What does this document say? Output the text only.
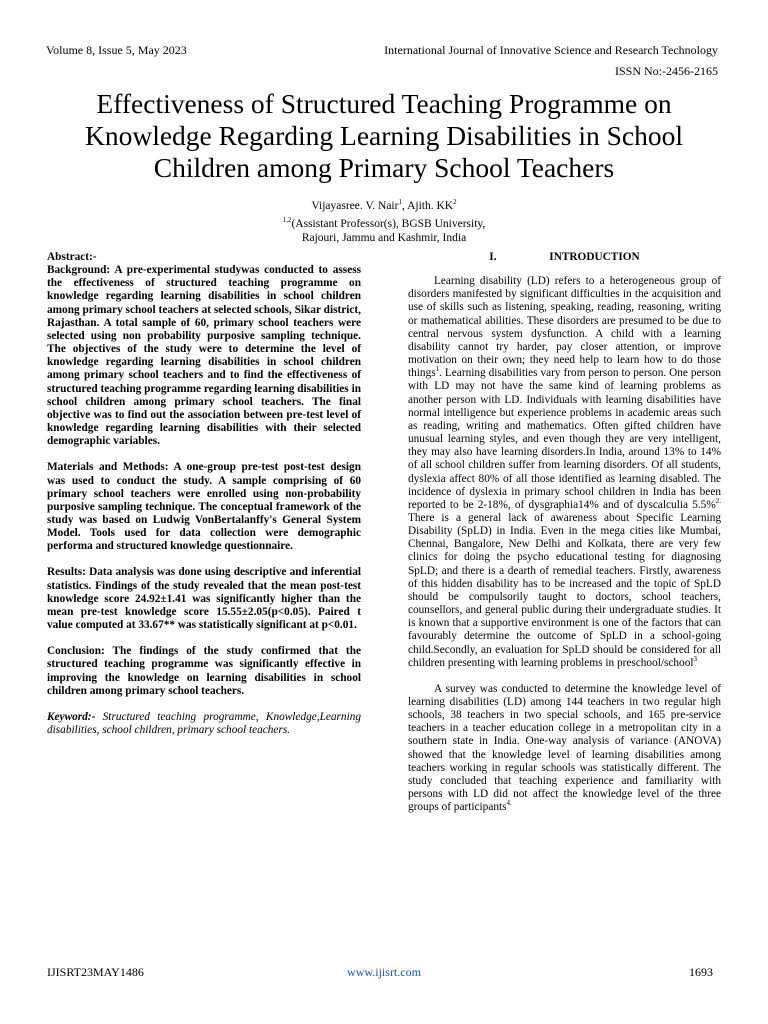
Volume 8, Issue 5, May 2023	International Journal of Innovative Science and Research Technology
ISSN No:-2456-2165
Effectiveness of Structured Teaching Programme on
Knowledge Regarding Learning Disabilities in School
Children among Primary School Teachers
Vijayasree. V. Nair$^1$, Ajith. $KK^2$
$^{1,2}$(Assistant Professor(s), BGSB University,
Rajouri, Jammu and Kashmir, India

Abstract:-

Background: A pre-experimental studywas conducted to assess the effectiveness of structured teaching programme on knowledge regarding learning disabilities in school children among primary school teachers at selected schools, Sikar district, Rajasthan. A total sample of 60, primary school teachers were selected using non probability purposive sampling technique. The objectives of the study were to determine the level of knowledge regarding learning disabilities in school children among primary school teachers and to find the effectiveness of structured teaching programme regarding learning disabilities in school children among primary school teachers. The final objective was to find out the association between pre-test level of knowledge regarding learning disabilities with their selected demographic variables.

Materials and Methods: A one-group pre-test post-test design was used to conduct the study. A sample comprising of 60 primary school teachers were enrolled using non-probability purposive sampling technique. The conceptual framework of the study was based on Ludwig VonBertalanffy's General System Model. Tools used for data collection were demographic performa and structured knowledge questionnaire.

Results: Data analysis was done using descriptive and inferential statistics. Findings of the study revealed that the mean post-test knowledge score 24.92±1.41 was significantly higher than the mean pre-test knowledge score 15.55±2.05(p<0.05). Paired t value computed at 33.67** was statistically significant at p<0.01.

Conclusion: The findings of the study confirmed that the structured teaching programme was significantly effective in improving the knowledge on learning disabilities in school children among primary school teachers.

Keyword:- Structured teaching programme, Knowledge,Learning disabilities, school children, primary school teachers.

I.	INTRODUCTION

Learning disability (LD) refers to a heterogeneous group of disorders manifested by significant difficulties in the acquisition and use of skills such as listening, speaking, reading, reasoning, writing or mathematical abilities. These disorders are presumed to be due to central nervous system dysfunction. A child with a learning disability cannot try harder, pay closer attention, or improve motivation on their own; they need help to learn how to do those things$^1$. Learning disabilities vary from person to person. One person with LD may not have the same kind of learning problems as another person with LD. Individuals with learning disabilities have normal intelligence but experience problems in academic areas such as reading, writing and mathematics. Often gifted children have unusual learning styles, and even though they are very intelligent, they may also have learning disorders.In India, around 13% to 14% of all school children suffer from learning disorders. Of all students, dyslexia affect 80% of all those identified as learning disabled. The incidence of dyslexia in primary school children in India has been reported to be 2-18%, of dysgraphia14% and of dyscalculia 5.5%$^{2.}$ There is a general lack of awareness about Specific Learning Disability (SpLD) in India. Even in the mega cities like Mumbai, Chennai, Bangalore, New Delhi and Kolkata, there are very few clinics for doing the psycho educational testing for diagnosing SpLD; and there is a dearth of remedial teachers. Firstly, awareness of this hidden disability has to be increased and the topic of SpLD should be compulsorily taught to doctors, school teachers, counsellors, and general public during their undergraduate studies. It is known that a supportive environment is one of the factors that can favourably determine the outcome of SpLD in a school-going child.Secondly, an evaluation for SpLD should be considered for all children presenting with learning problems in preschool/school$^3$

A survey was conducted to determine the knowledge level of learning disabilities (LD) among 144 teachers in two regular high schools, 38 teachers in two special schools, and 165 pre-service teachers in a teacher education college in a metropolitan city in a southern state in India. One-way analysis of variance (ANOVA) showed that the knowledge level of learning disabilities among teachers working in regular schools was statistically different. The study concluded that teaching experience and familiarity with persons with LD did not affect the knowledge level of the three groups of participants$^{4.}$

IJISRT23MAY1486	www.ijisrt.com	1693
